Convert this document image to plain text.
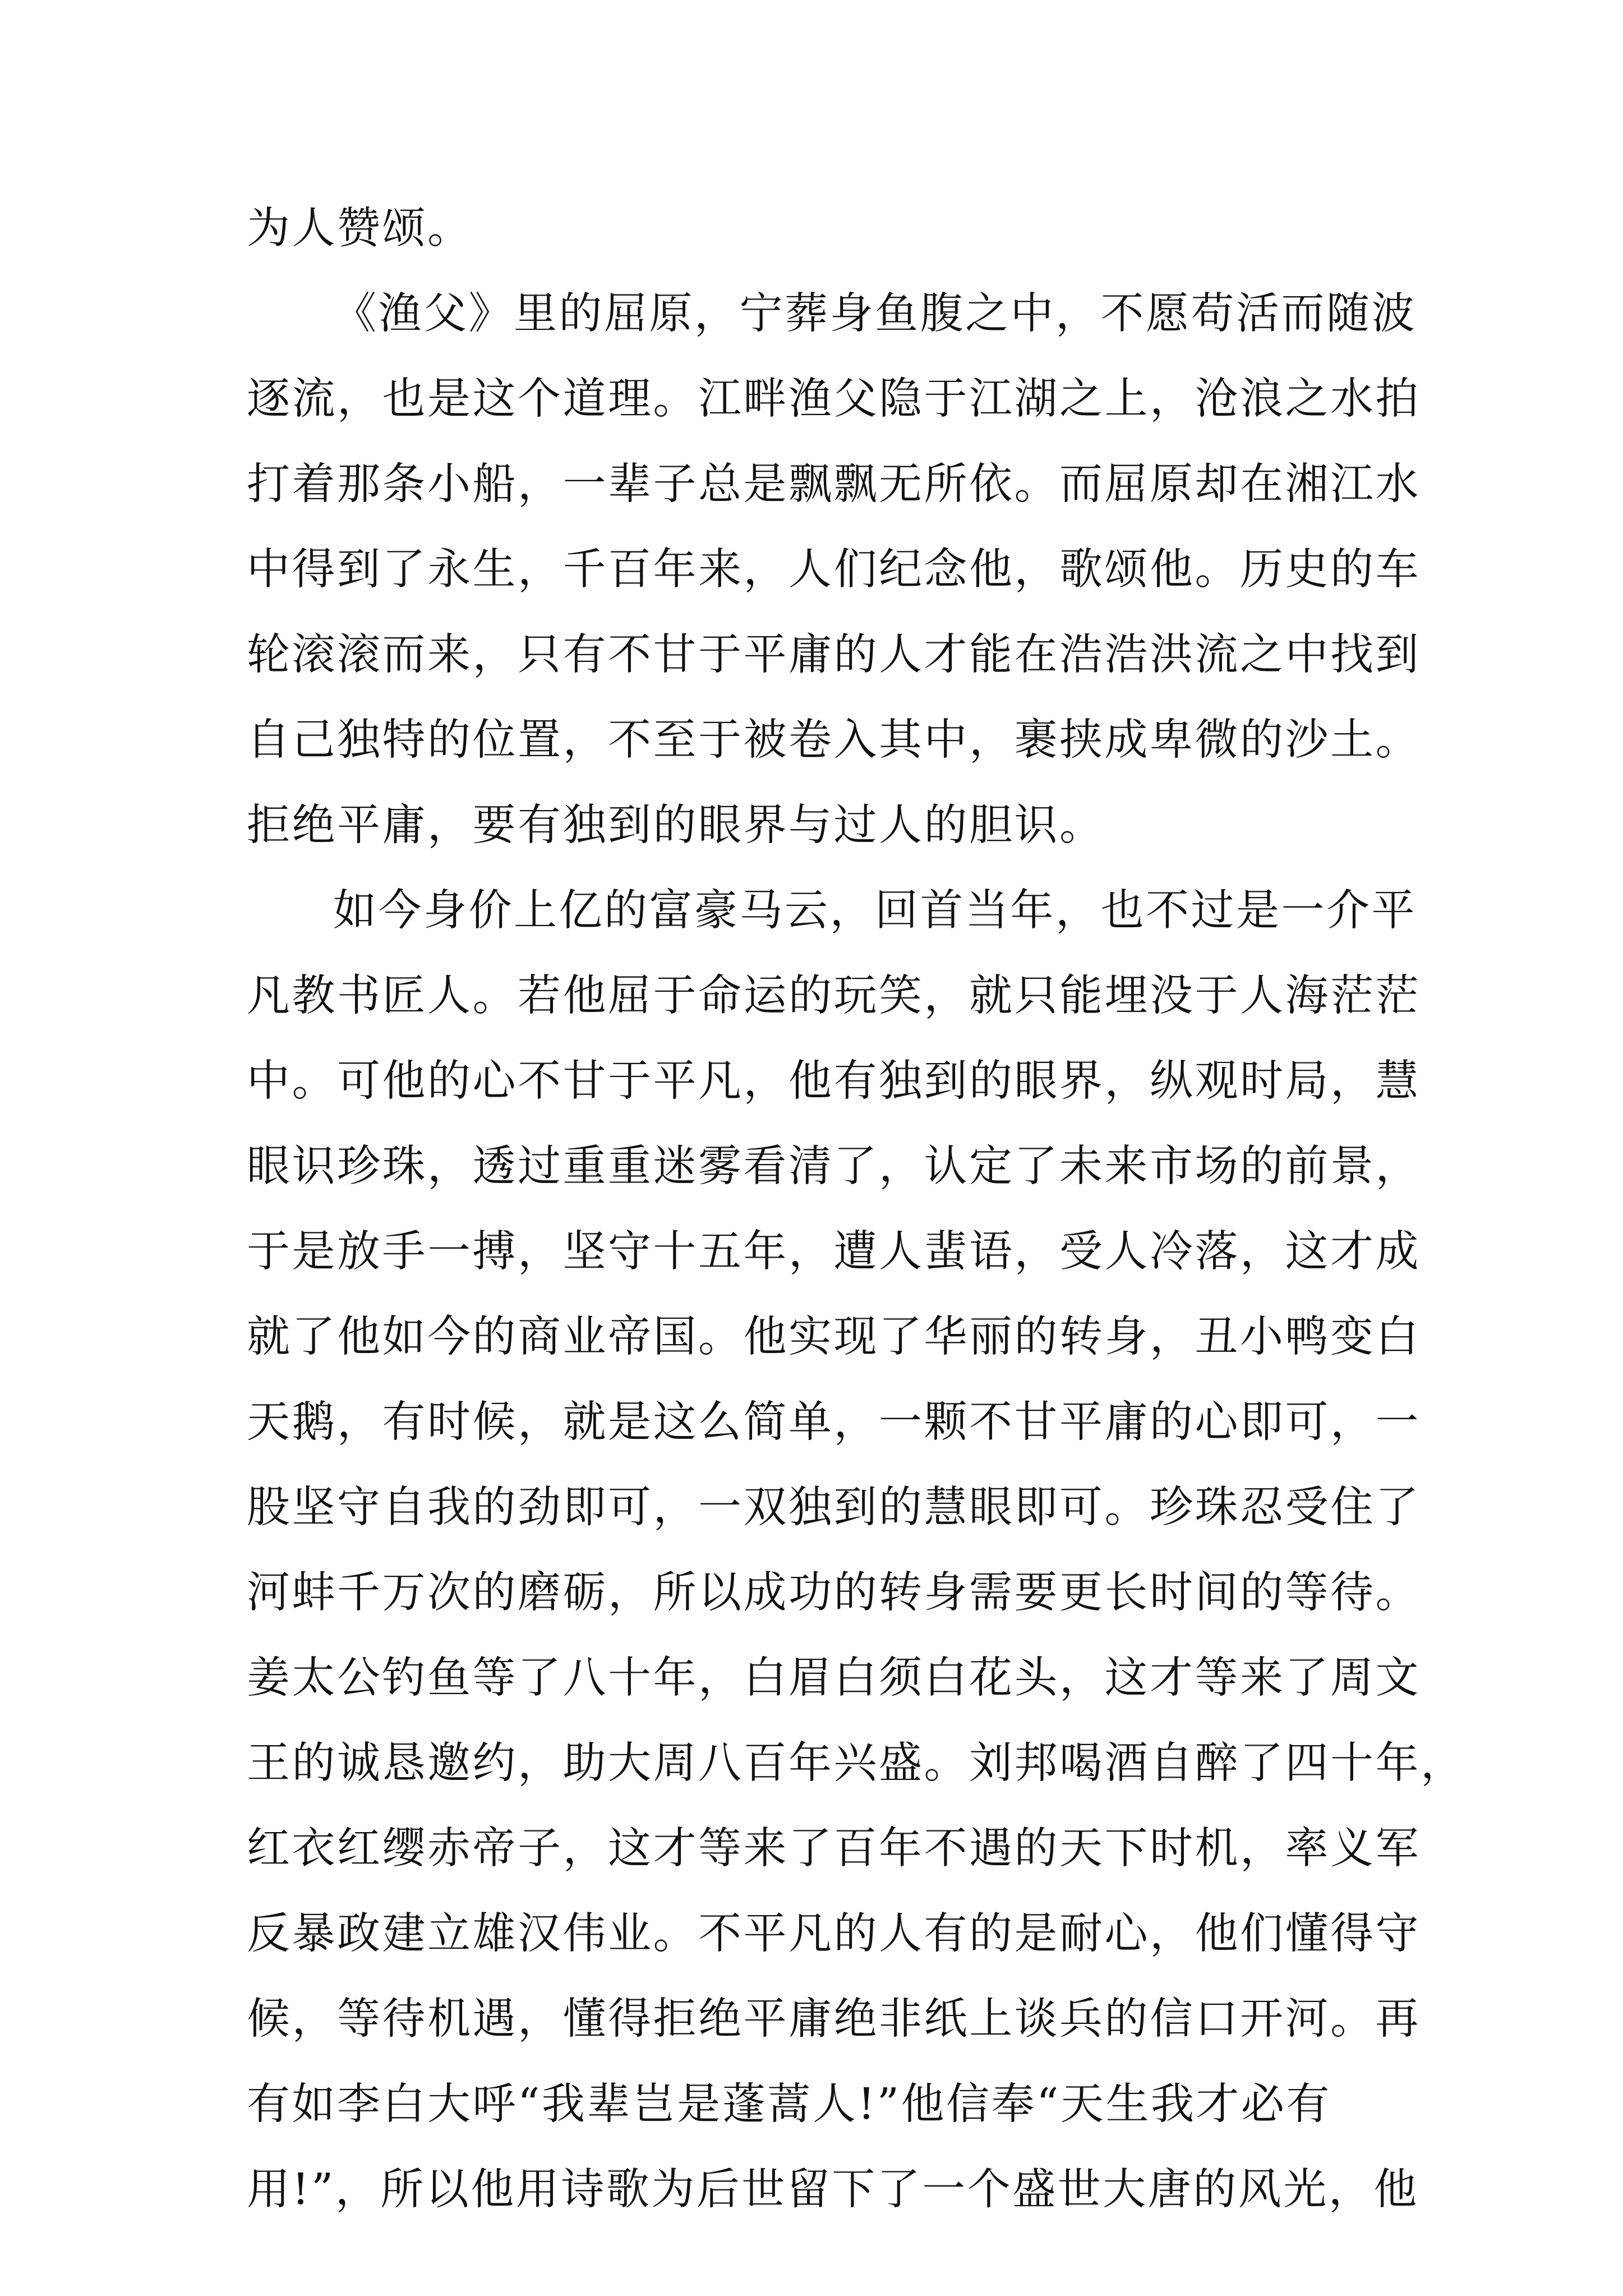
为人赞颂。
《渔父》里的屈原，宁葬身鱼腹之中，不愿苟活而随波
逐流，也是这个道理。江畔渔父隐于江湖之上，沧浪之水拍
打着那条小船，一辈子总是飘飘无所依。而屈原却在湘江水
中得到了永生，千百年来，人们纪念他，歌颂他。历史的车
轮滚滚而来，只有不甘于平庸的人才能在浩浩洪流之中找到
自己独特的位置，不至于被卷入其中，裹挟成卑微的沙土。
拒绝平庸，要有独到的眼界与过人的胆识。
如今身价上亿的富豪马云，回首当年，也不过是一介平
凡教书匠人。若他屈于命运的玩笑，就只能埋没于人海茫茫
中。可他的心不甘于平凡，他有独到的眼界，纵观时局，慧
眼识珍珠，透过重重迷雾看清了，认定了未来市场的前景，
于是放手一搏，坚守十五年，遭人蜚语，受人冷落，这才成
就了他如今的商业帝国。他实现了华丽的转身，丑小鸭变白
天鹅，有时候，就是这么简单，一颗不甘平庸的心即可，一
股坚守自我的劲即可，一双独到的慧眼即可。珍珠忍受住了
河蚌千万次的磨砺，所以成功的转身需要更长时间的等待。
姜太公钓鱼等了八十年，白眉白须白花头，这才等来了周文
王的诚恳邀约，助大周八百年兴盛。刘邦喝酒自醉了四十年，
红衣红缨赤帝子，这才等来了百年不遇的天下时机，率义军
反暴政建立雄汉伟业。不平凡的人有的是耐心，他们懂得守
候，等待机遇，懂得拒绝平庸绝非纸上谈兵的信口开河。再
有如李白大呼“我辈岂是蓬蒿人!”他信奉“天生我才必有
用!”，所以他用诗歌为后世留下了一个盛世大唐的风光，他
